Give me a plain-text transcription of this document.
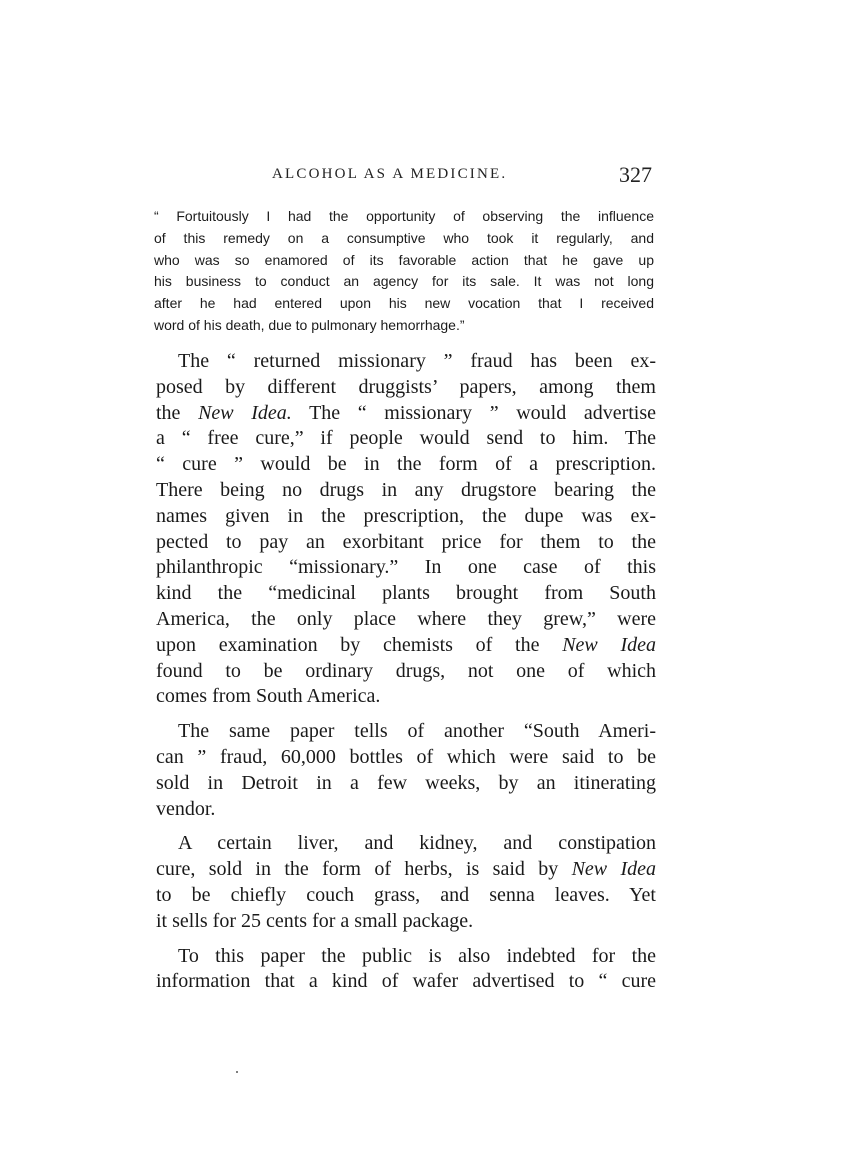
ALCOHOL AS A MEDICINE.	327
“ Fortuitously I had the opportunity of observing the influence
of this remedy on a consumptive who took it regularly, and
who was so enamored of its favorable action that he gave up
his business to conduct an agency for its sale. It was not long
after he had entered upon his new vocation that I received
word of his death, due to pulmonary hemorrhage.”
The “ returned missionary ” fraud has been ex-
posed by different druggists’ papers, among them
the New Idea. The “ missionary ” would advertise
a “ free cure,” if people would send to him. The
“ cure ” would be in the form of a prescription.
There being no drugs in any drugstore bearing the
names given in the prescription, the dupe was ex-
pected to pay an exorbitant price for them to the
philanthropic “missionary.” In one case of this
kind the “medicinal plants brought from South
America, the only place where they grew,” were
upon examination by chemists of the New Idea
found to be ordinary drugs, not one of which
comes from South America.
The same paper tells of another “South Ameri-
can ” fraud, 60,000 bottles of which were said to be
sold in Detroit in a few weeks, by an itinerating
vendor.
A certain liver, and kidney, and constipation
cure, sold in the form of herbs, is said by New Idea
to be chiefly couch grass, and senna leaves. Yet
it sells for 25 cents for a small package.
To this paper the public is also indebted for the
information that a kind of wafer advertised to “ cure
